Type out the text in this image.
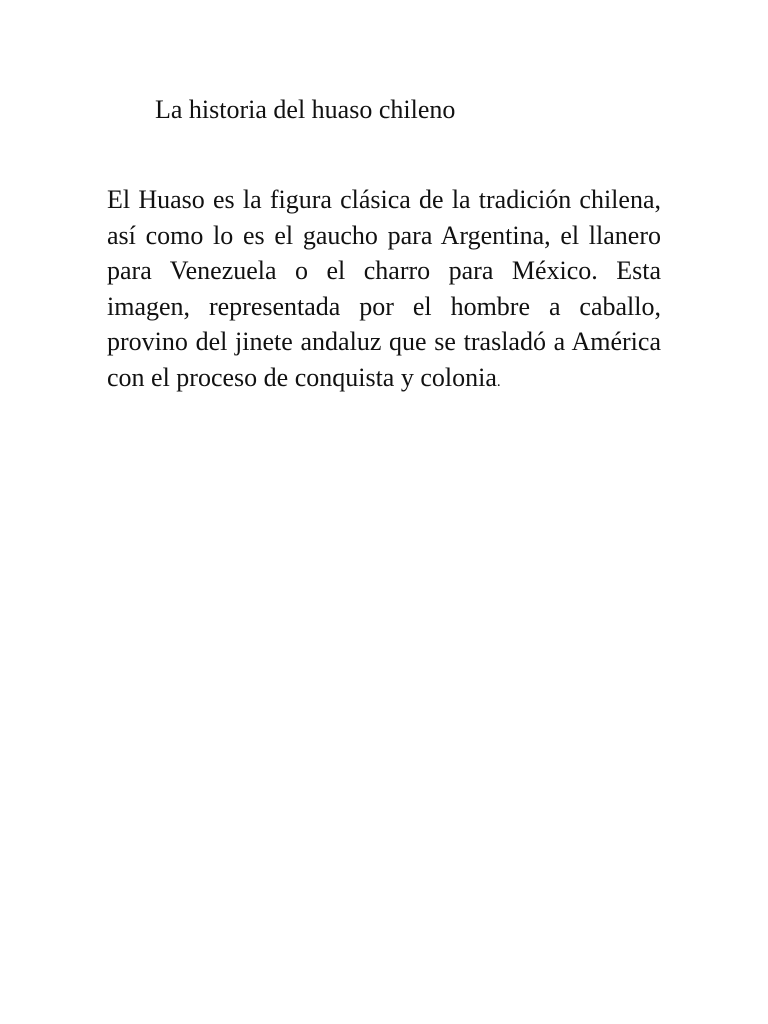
La historia del huaso chileno

El Huaso es la figura clásica de la tradición chilena, así como lo es el gaucho para Argentina, el llanero para Venezuela o el charro para México. Esta imagen, representada por el hombre a caballo, provino del jinete andaluz que se trasladó a América con el proceso de conquista y colonia.
